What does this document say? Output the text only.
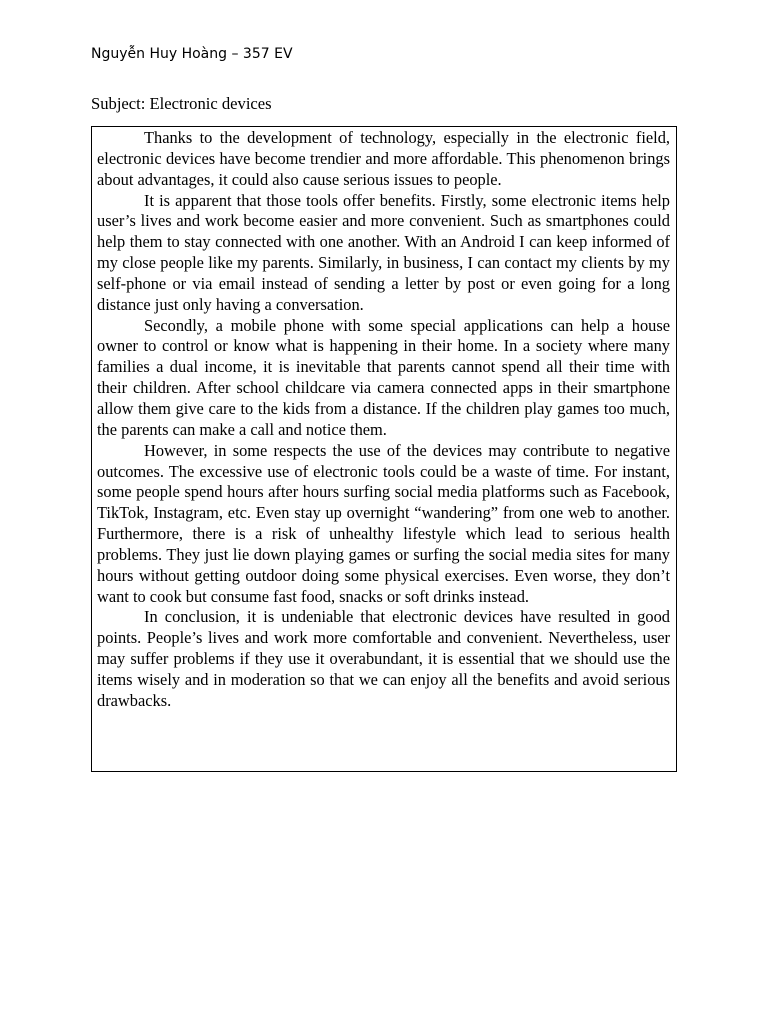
Nguyễn Huy Hoàng – 357 EV
Subject: Electronic devices

Thanks to the development of technology, especially in the electronic field, electronic devices have become trendier and more affordable. This phenomenon brings about advantages, it could also cause serious issues to people.

It is apparent that those tools offer benefits. Firstly, some electronic items help user’s lives and work become easier and more convenient. Such as smartphones could help them to stay connected with one another. With an Android I can keep informed of my close people like my parents. Similarly, in business, I can contact my clients by my self-phone or via email instead of sending a letter by post or even going for a long distance just only having a conversation.

Secondly, a mobile phone with some special applications can help a house owner to control or know what is happening in their home. In a society where many families a dual income, it is inevitable that parents cannot spend all their time with their children. After school childcare via camera connected apps in their smartphone allow them give care to the kids from a distance. If the children play games too much, the parents can make a call and notice them.

However, in some respects the use of the devices may contribute to negative outcomes. The excessive use of electronic tools could be a waste of time. For instant, some people spend hours after hours surfing social media platforms such as Facebook, TikTok, Instagram, etc. Even stay up overnight “wandering” from one web to another. Furthermore, there is a risk of unhealthy lifestyle which lead to serious health problems. They just lie down playing games or surfing the social media sites for many hours without getting outdoor doing some physical exercises. Even worse, they don’t want to cook but consume fast food, snacks or soft drinks instead.

In conclusion, it is undeniable that electronic devices have resulted in good points. People’s lives and work more comfortable and convenient. Nevertheless, user may suffer problems if they use it overabundant, it is essential that we should use the items wisely and in moderation so that we can enjoy all the benefits and avoid serious drawbacks.
